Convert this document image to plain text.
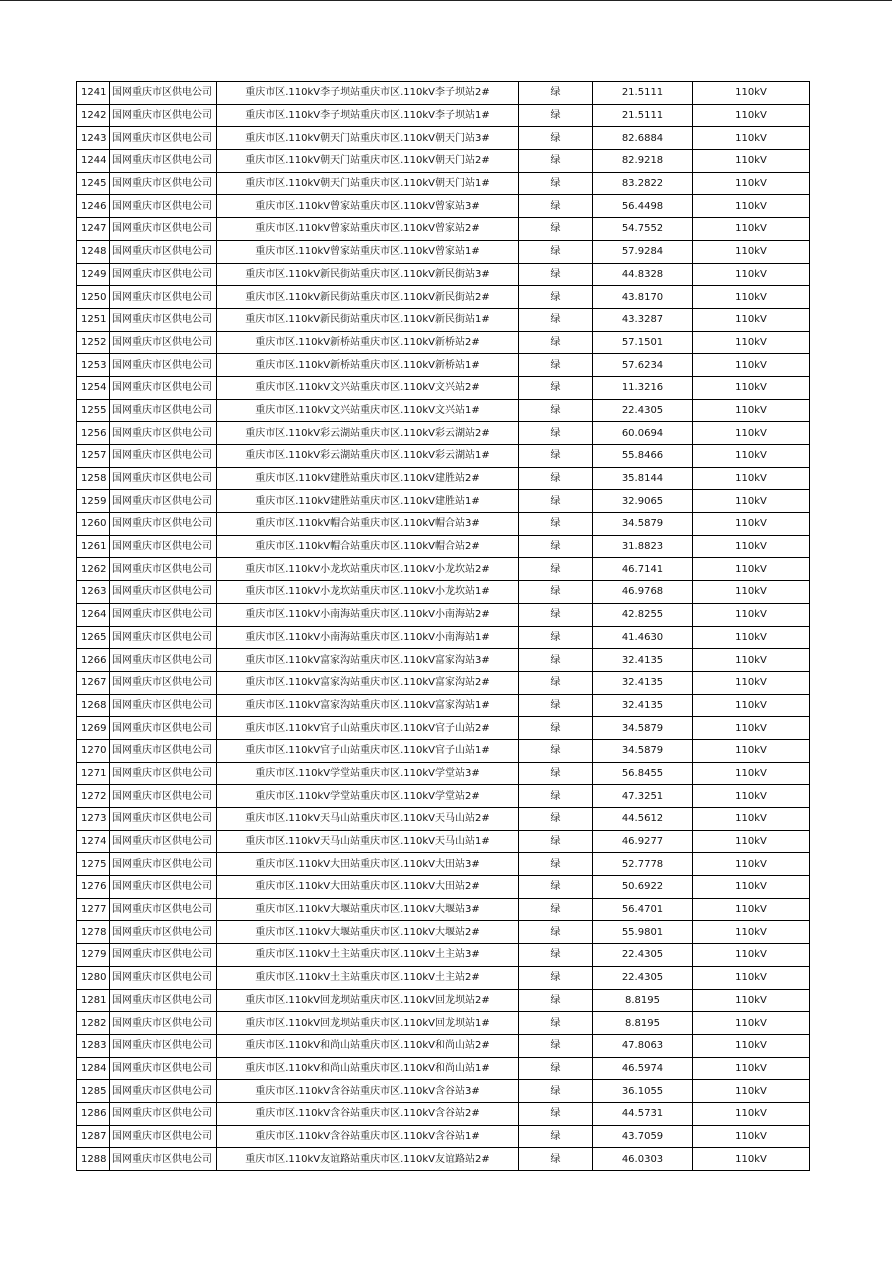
1241	国网重庆市区供电公司	重庆市区.110kV李子坝站重庆市区.110kV李子坝站2#	绿	21.5111	110kV
1242	国网重庆市区供电公司	重庆市区.110kV李子坝站重庆市区.110kV李子坝站1#	绿	21.5111	110kV
1243	国网重庆市区供电公司	重庆市区.110kV朝天门站重庆市区.110kV朝天门站3#	绿	82.6884	110kV
1244	国网重庆市区供电公司	重庆市区.110kV朝天门站重庆市区.110kV朝天门站2#	绿	82.9218	110kV
1245	国网重庆市区供电公司	重庆市区.110kV朝天门站重庆市区.110kV朝天门站1#	绿	83.2822	110kV
1246	国网重庆市区供电公司	重庆市区.110kV曾家站重庆市区.110kV曾家站3#	绿	56.4498	110kV
1247	国网重庆市区供电公司	重庆市区.110kV曾家站重庆市区.110kV曾家站2#	绿	54.7552	110kV
1248	国网重庆市区供电公司	重庆市区.110kV曾家站重庆市区.110kV曾家站1#	绿	57.9284	110kV
1249	国网重庆市区供电公司	重庆市区.110kV新民街站重庆市区.110kV新民街站3#	绿	44.8328	110kV
1250	国网重庆市区供电公司	重庆市区.110kV新民街站重庆市区.110kV新民街站2#	绿	43.8170	110kV
1251	国网重庆市区供电公司	重庆市区.110kV新民街站重庆市区.110kV新民街站1#	绿	43.3287	110kV
1252	国网重庆市区供电公司	重庆市区.110kV新桥站重庆市区.110kV新桥站2#	绿	57.1501	110kV
1253	国网重庆市区供电公司	重庆市区.110kV新桥站重庆市区.110kV新桥站1#	绿	57.6234	110kV
1254	国网重庆市区供电公司	重庆市区.110kV文兴站重庆市区.110kV文兴站2#	绿	11.3216	110kV
1255	国网重庆市区供电公司	重庆市区.110kV文兴站重庆市区.110kV文兴站1#	绿	22.4305	110kV
1256	国网重庆市区供电公司	重庆市区.110kV彩云湖站重庆市区.110kV彩云湖站2#	绿	60.0694	110kV
1257	国网重庆市区供电公司	重庆市区.110kV彩云湖站重庆市区.110kV彩云湖站1#	绿	55.8466	110kV
1258	国网重庆市区供电公司	重庆市区.110kV建胜站重庆市区.110kV建胜站2#	绿	35.8144	110kV
1259	国网重庆市区供电公司	重庆市区.110kV建胜站重庆市区.110kV建胜站1#	绿	32.9065	110kV
1260	国网重庆市区供电公司	重庆市区.110kV帽合站重庆市区.110kV帽合站3#	绿	34.5879	110kV
1261	国网重庆市区供电公司	重庆市区.110kV帽合站重庆市区.110kV帽合站2#	绿	31.8823	110kV
1262	国网重庆市区供电公司	重庆市区.110kV小龙坎站重庆市区.110kV小龙坎站2#	绿	46.7141	110kV
1263	国网重庆市区供电公司	重庆市区.110kV小龙坎站重庆市区.110kV小龙坎站1#	绿	46.9768	110kV
1264	国网重庆市区供电公司	重庆市区.110kV小南海站重庆市区.110kV小南海站2#	绿	42.8255	110kV
1265	国网重庆市区供电公司	重庆市区.110kV小南海站重庆市区.110kV小南海站1#	绿	41.4630	110kV
1266	国网重庆市区供电公司	重庆市区.110kV富家沟站重庆市区.110kV富家沟站3#	绿	32.4135	110kV
1267	国网重庆市区供电公司	重庆市区.110kV富家沟站重庆市区.110kV富家沟站2#	绿	32.4135	110kV
1268	国网重庆市区供电公司	重庆市区.110kV富家沟站重庆市区.110kV富家沟站1#	绿	32.4135	110kV
1269	国网重庆市区供电公司	重庆市区.110kV官子山站重庆市区.110kV官子山站2#	绿	34.5879	110kV
1270	国网重庆市区供电公司	重庆市区.110kV官子山站重庆市区.110kV官子山站1#	绿	34.5879	110kV
1271	国网重庆市区供电公司	重庆市区.110kV学堂站重庆市区.110kV学堂站3#	绿	56.8455	110kV
1272	国网重庆市区供电公司	重庆市区.110kV学堂站重庆市区.110kV学堂站2#	绿	47.3251	110kV
1273	国网重庆市区供电公司	重庆市区.110kV天马山站重庆市区.110kV天马山站2#	绿	44.5612	110kV
1274	国网重庆市区供电公司	重庆市区.110kV天马山站重庆市区.110kV天马山站1#	绿	46.9277	110kV
1275	国网重庆市区供电公司	重庆市区.110kV大田站重庆市区.110kV大田站3#	绿	52.7778	110kV
1276	国网重庆市区供电公司	重庆市区.110kV大田站重庆市区.110kV大田站2#	绿	50.6922	110kV
1277	国网重庆市区供电公司	重庆市区.110kV大堰站重庆市区.110kV大堰站3#	绿	56.4701	110kV
1278	国网重庆市区供电公司	重庆市区.110kV大堰站重庆市区.110kV大堰站2#	绿	55.9801	110kV
1279	国网重庆市区供电公司	重庆市区.110kV土主站重庆市区.110kV土主站3#	绿	22.4305	110kV
1280	国网重庆市区供电公司	重庆市区.110kV土主站重庆市区.110kV土主站2#	绿	22.4305	110kV
1281	国网重庆市区供电公司	重庆市区.110kV回龙坝站重庆市区.110kV回龙坝站2#	绿	8.8195	110kV
1282	国网重庆市区供电公司	重庆市区.110kV回龙坝站重庆市区.110kV回龙坝站1#	绿	8.8195	110kV
1283	国网重庆市区供电公司	重庆市区.110kV和尚山站重庆市区.110kV和尚山站2#	绿	47.8063	110kV
1284	国网重庆市区供电公司	重庆市区.110kV和尚山站重庆市区.110kV和尚山站1#	绿	46.5974	110kV
1285	国网重庆市区供电公司	重庆市区.110kV含谷站重庆市区.110kV含谷站3#	绿	36.1055	110kV
1286	国网重庆市区供电公司	重庆市区.110kV含谷站重庆市区.110kV含谷站2#	绿	44.5731	110kV
1287	国网重庆市区供电公司	重庆市区.110kV含谷站重庆市区.110kV含谷站1#	绿	43.7059	110kV
1288	国网重庆市区供电公司	重庆市区.110kV友谊路站重庆市区.110kV友谊路站2#	绿	46.0303	110kV
